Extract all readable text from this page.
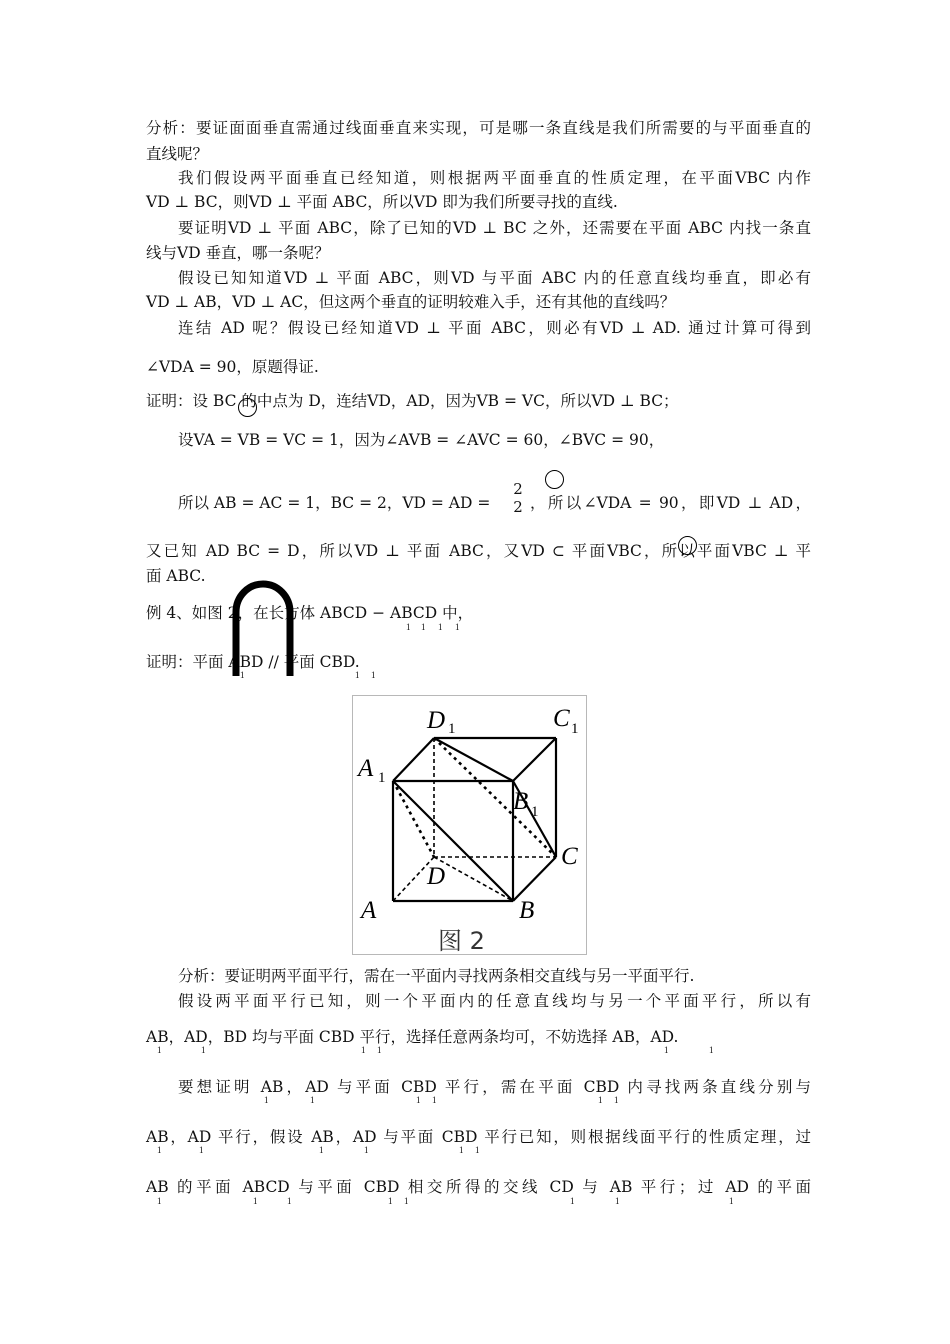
分析：要证面面垂直需通过线面垂直来实现，可是哪一条直线是我们所需要的与平面垂直的
直线呢？
我们假设两平面垂直已经知道，则根据两平面垂直的性质定理，在平面VBC 内作
VD ⊥ BC，则VD ⊥ 平面 ABC，所以VD 即为我们所要寻找的直线.
要证明VD ⊥ 平面 ABC，除了已知的VD ⊥ BC 之外，还需要在平面 ABC 内找一条直
线与VD 垂直，哪一条呢？
假设已知知道VD ⊥ 平面 ABC，则VD 与平面 ABC 内的任意直线均垂直，即必有
VD ⊥ AB，VD ⊥ AC，但这两个垂直的证明较难入手，还有其他的直线吗？
连结 AD 呢？假设已经知道VD ⊥ 平面 ABC，则必有VD ⊥ AD. 通过计算可得到
∠VDA = 90，原题得证.
证明：设 BC 的中点为 D，连结VD，AD，因为VB = VC，所以VD ⊥ BC；
设VA = VB = VC = 1，因为∠AVB = ∠AVC = 60，∠BVC = 90，
所以 AB = AC = 1，BC = 2，VD = AD =
2
2 ，所以∠VDA = 90，即VD ⊥ AD，
又已知 AD BC = D，所以VD ⊥ 平面 ABC，又VD ⊂ 平面VBC，所以平面VBC ⊥ 平
面 ABC.
例 4、如图 2，在长方体 ABCD − ABCD 中，
证明：平面 ABD // 平面 CBD.
1 1 1 1
1	1 1
D 1	C 1
A 1
B 1
C
D
A	B
图 2
分析：要证明两平面平行，需在一平面内寻找两条相交直线与另一平面平行.
假设两平面平行已知，则一个平面内的任意直线均与另一个平面平行，所以有
AB，AD，BD 均与平面 CBD 平行，选择任意两条均可，不妨选择 AB，AD.
要想证明 AB，AD 与平面 CBD 平行，需在平面 CBD 内寻找两条直线分别与
AB，AD 平行，假设 AB，AD 与平面 CBD 平行已知，则根据线面平行的性质定理，过
AB 的平面 ABCD 与平面 CBD 相交所得的交线 CD 与 AB 平行；过 AD 的平面
1	1	1 1	1	1
1	1	1 1	1 1
1	1	1	1	1 1
1	1	1	1 1	1	1	1
